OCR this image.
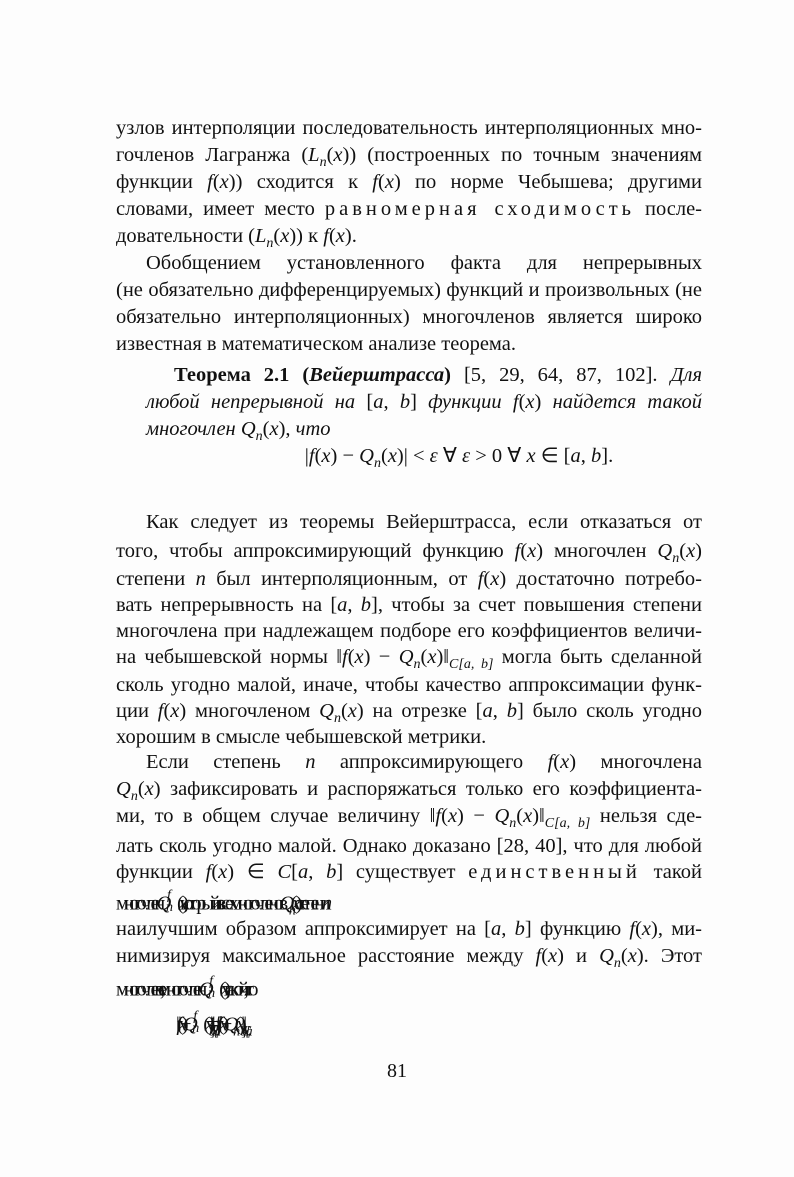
узлов интерполяции последовательность интерполяционных мно-
гочленов Лагранжа $(L_n(x))$ (построенных по точным значениям
функции f(x)) сходится к f(x) по норме Чебышева; другими
словами, имеет место равномерная сходимость после-
довательности $(L_n(x))$ к f(x).
Обобщением установленного факта для непрерывных
(не обязательно дифференцируемых) функций и произвольных (не
обязательно интерполяционных) многочленов является широко
известная в математическом анализе теорема.
Теорема 2.1 (Вейерштрасса) [5, 29, 64, 87, 102]. Для
любой непрерывной на [a, b] функции f(x) найдется такой
многочлен $Q_n(x)$, что
$|f(x) - Q_n(x)| < \varepsilon$ ∀ ε > 0 ∀ x ∈ [a, b].
Как следует из теоремы Вейерштрасса, если отказаться от
того, чтобы аппроксимирующий функцию f(x) многочлен $Q_n(x)$
степени n был интерполяционным, от f(x) достаточно потребо-
вать непрерывность на [a, b], чтобы за счет повышения степени
многочлена при надлежащем подборе его коэффициентов величи-
на чебышевской нормы ‖f(x) − $Q_n(x)‖_{C[a, b]}$ могла быть сделанной
сколь угодно малой, иначе, чтобы качество аппроксимации функ-
ции f(x) многочленом $Q_n(x)$ на отрезке [a, b] было сколь угодно
хорошим в смысле чебышевской метрики.
Если степень n аппроксимирующего f(x) многочлена
$Q_n(x)$ зафиксировать и распоряжаться только его коэффициента-
ми, то в общем случае величину ‖f(x) − $Q_n(x)‖_{C[a, b]}$ нельзя сде-
лать сколь угодно малой. Однако доказано [28, 40], что для любой
функции f(x) ∈ C[a, b] существует единственный такой
многочлен Q n (x), который из всех многочленов $Q_n(x)$ степени n
наилучшим образом аппроксимирует на [a, b] функцию f(x), ми-
нимизируя максимальное расстояние между f(x) и $Q_n(x)$. Этот
многочлен, т.е. многочлен Q n (x), такой, что
‖f(x) − Q n $(x)‖_{C[a, b]}$ = inf‖f(x) − $Q_n(x)‖_{C[a, b]}$
81
